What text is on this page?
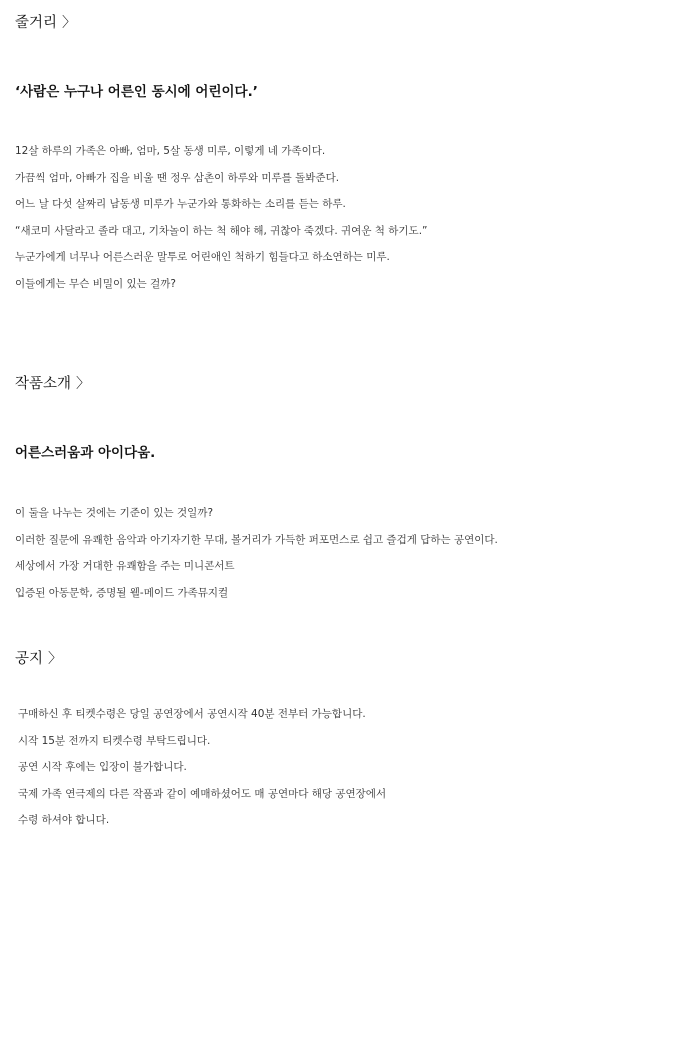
줄거리 〉
‘사람은 누구나 어른인 동시에 어린이다.’
12살 하루의 가족은 아빠, 엄마, 5살 동생 미루, 이렇게 네 가족이다.
가끔씩 엄마, 아빠가 집을 비울 땐 정우 삼촌이 하루와 미루를 돌봐준다.
어느 날 다섯 살짜리 남동생 미루가 누군가와 통화하는 소리를 듣는 하루.
“새코미 사달라고 졸라 대고, 기차놀이 하는 척 해야 해, 귀찮아 죽겠다. 귀여운 척 하기도.”
누군가에게 너무나 어른스러운 말투로 어린애인 척하기 힘들다고 하소연하는 미루.
이들에게는 무슨 비밀이 있는 걸까?
작품소개 〉
어른스러움과 아이다움.
이 둘을 나누는 것에는 기준이 있는 것일까?
이러한 질문에 유쾌한 음악과 아기자기한 무대, 볼거리가 가득한 퍼포먼스로 쉽고 즐겁게 답하는 공연이다.
세상에서 가장 거대한 유쾌함을 주는 미니콘서트
입증된 아동문학, 증명될 웰-메이드 가족뮤지컬
공지 〉
구매하신 후 티켓수령은 당일 공연장에서 공연시작 40분 전부터 가능합니다.
시작 15분 전까지 티켓수령 부탁드립니다.
공연 시작 후에는 입장이 불가합니다.
국제 가족 연극제의 다른 작품과 같이 예매하셨어도 매 공연마다 해당 공연장에서
수령 하셔야 합니다.
